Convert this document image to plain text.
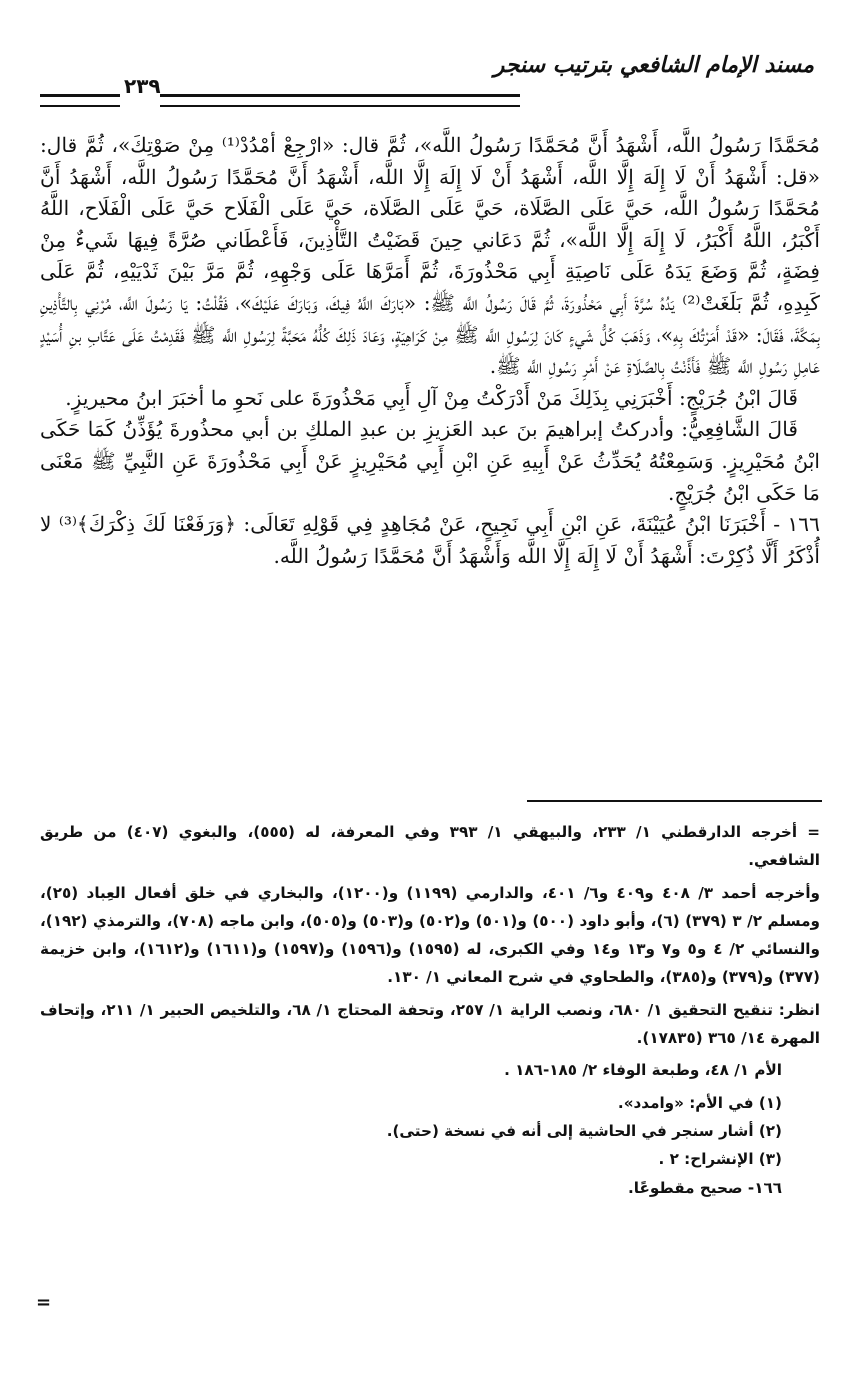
مسند الإمام الشافعي بترتيب سنجر
٢٣٩

مُحَمَّدًا رَسُولُ اللَّه، أَشْهَدُ أَنَّ مُحَمَّدًا رَسُولُ اللَّه»، ثُمَّ قال: «ارْجِعْ أمْدُدْ⁽¹⁾ مِنْ صَوْتِكَ»، ثُمَّ قال: «قل: أَشْهَدُ أَنْ لَا إِلَهَ إِلَّا اللَّه، أَشْهَدُ أَنْ لَا إِلَهَ إِلَّا اللَّه، أَشْهَدُ أَنَّ مُحَمَّدًا رَسُولُ اللَّه، أَشْهَدُ أَنَّ مُحَمَّدًا رَسُولُ اللَّه، حَيَّ عَلَى الصَّلَاة، حَيَّ عَلَى الصَّلَاة، حَيَّ عَلَى الْفَلَاح حَيَّ عَلَى الْفَلَاح، اللَّهُ أَكْبَرُ، اللَّهُ أَكْبَرُ، لَا إِلَهَ إِلَّا اللَّه»، ثُمَّ دَعَاني حِينَ قَضَيْتُ التَّأْذِينَ، فَأَعْطَاني صُرَّةً فِيهَا شَيءٌ مِنْ فِضَةٍ، ثُمَّ وَضَعَ يَدَهُ عَلَى نَاصِيَةِ أَبِي مَحْذُورَةَ، ثُمَّ أَمَرَّهَا عَلَى وَجْهِهِ، ثُمَّ مَرَّ بَيْنَ ثَدْيَيْهِ، ثُمَّ عَلَى كَبِدِهِ، ثُمَّ بَلَغَتْ⁽²⁾ يَدُهُ سُرَّةَ أَبِي مَحْذُورَةَ، ثُمَّ قَالَ رَسُولُ اللَّه ﷺ: «بَارَكَ اللَّهُ فِيكَ، وَبَارَكَ عَلَيْكَ»، فَقُلْتُ: يَا رَسُولَ اللَّه، مُرْنِي بِالتَّأْذِينِ بِمَكَّةَ، فَقَالَ: «قَدْ أَمَرْتُكَ بِهِ»، وَذَهَبَ كُلُّ شَيءٍ كَانَ لِرَسُولِ اللَّه ﷺ مِنْ كَرَاهِيَةٍ، وَعَادَ ذَلِكَ كُلُّهُ مَحَبَّةً لِرَسُولِ اللَّه ﷺ فَقَدِمْتُ عَلَى عَتَّابِ بنِ أُسَيْدٍ عَامِلِ رَسُولِ اللَّه ﷺ فَأَذَّنْتُ بِالصَّلَاةِ عَنْ أَمْرِ رَسُولِ اللَّه ﷺ.

قَالَ ابْنُ جُرَيْجٍ: أَخْبَرَنِي بِذَلِكَ مَنْ أَدْرَكْتُ مِنْ آلِ أَبِي مَحْذُورَةَ على نَحوِ ما أخبَرَ ابنُ محيريزٍ.

قَالَ الشَّافِعِيُّ: وأدركتُ إبراهيمَ بنَ عبد العَزيزِ بن عبدِ الملكِ بن أبي محذُورةَ يُؤَذِّنُ كَمَا حَكَى ابْنُ مُحَيْرِيزٍ. وَسَمِعْتُهُ يُحَدِّثُ عَنْ أَبِيهِ عَنِ ابْنِ أَبِي مُحَيْرِيزٍ عَنْ أَبِي مَحْذُورَةَ عَنِ النَّبِيِّ ﷺ مَعْنَى مَا حَكَى ابْنُ جُرَيْجٍ.

١٦٦ - أَخْبَرَنَا ابْنُ عُيَيْنَةَ، عَنِ ابْنِ أَبِي نَجِيحٍ، عَنْ مُجَاهِدٍ فِي قَوْلِهِ تَعَالَى: ﴿وَرَفَعْنَا لَكَ ذِكْرَكَ﴾⁽³⁾ لا أُذْكَرُ أَلَّا ذُكِرْتَ: أَشْهَدُ أَنْ لَا إِلَهَ إِلَّا اللَّه وَأَشْهَدُ أَنَّ مُحَمَّدًا رَسُولُ اللَّه.

= أخرجه الدارقطني ١/ ٢٣٣، والبيهقي ١/ ٣٩٣ وفي المعرفة، له (٥٥٥)، والبغوي (٤٠٧) من طريق الشافعي.

وأخرجه أحمد ٣/ ٤٠٨ و٤٠٩ و٦/ ٤٠١، والدارمي (١١٩٩) و(١٢٠٠)، والبخاري في خلق أفعال العِباد (٢٥)، ومسلم ٢/ ٣ (٣٧٩) (٦)، وأبو داود (٥٠٠) و(٥٠١) و(٥٠٢) و(٥٠٣) و(٥٠٥)، وابن ماجه (٧٠٨)، والترمذي (١٩٢)، والنسائي ٢/ ٤ و٥ و٧ و١٣ و١٤ وفي الكبرى، له (١٥٩٥) و(١٥٩٦) و(١٥٩٧) و(١٦١١) و(١٦١٢)، وابن خزيمة (٣٧٧) و(٣٧٩) و(٣٨٥)، والطحاوي في شرح المعاني ١/ ١٣٠.

انظر: تنقيح التحقيق ١/ ٦٨٠، ونصب الراية ١/ ٢٥٧، وتحفة المحتاج ١/ ٦٨، والتلخيص الحبير ١/ ٢١١، وإتحاف المهرة ١٤/ ٣٦٥ (١٧٨٣٥).

الأم ١/ ٤٨، وطبعة الوفاء ٢/ ١٨٥-١٨٦ .

(١) في الأم: «وامدد».

(٢) أشار سنجر في الحاشية إلى أنه في نسخة (حتى).

(٣) الإنشراح: ٢ .

١٦٦- صحيح مقطوعًا.

=
